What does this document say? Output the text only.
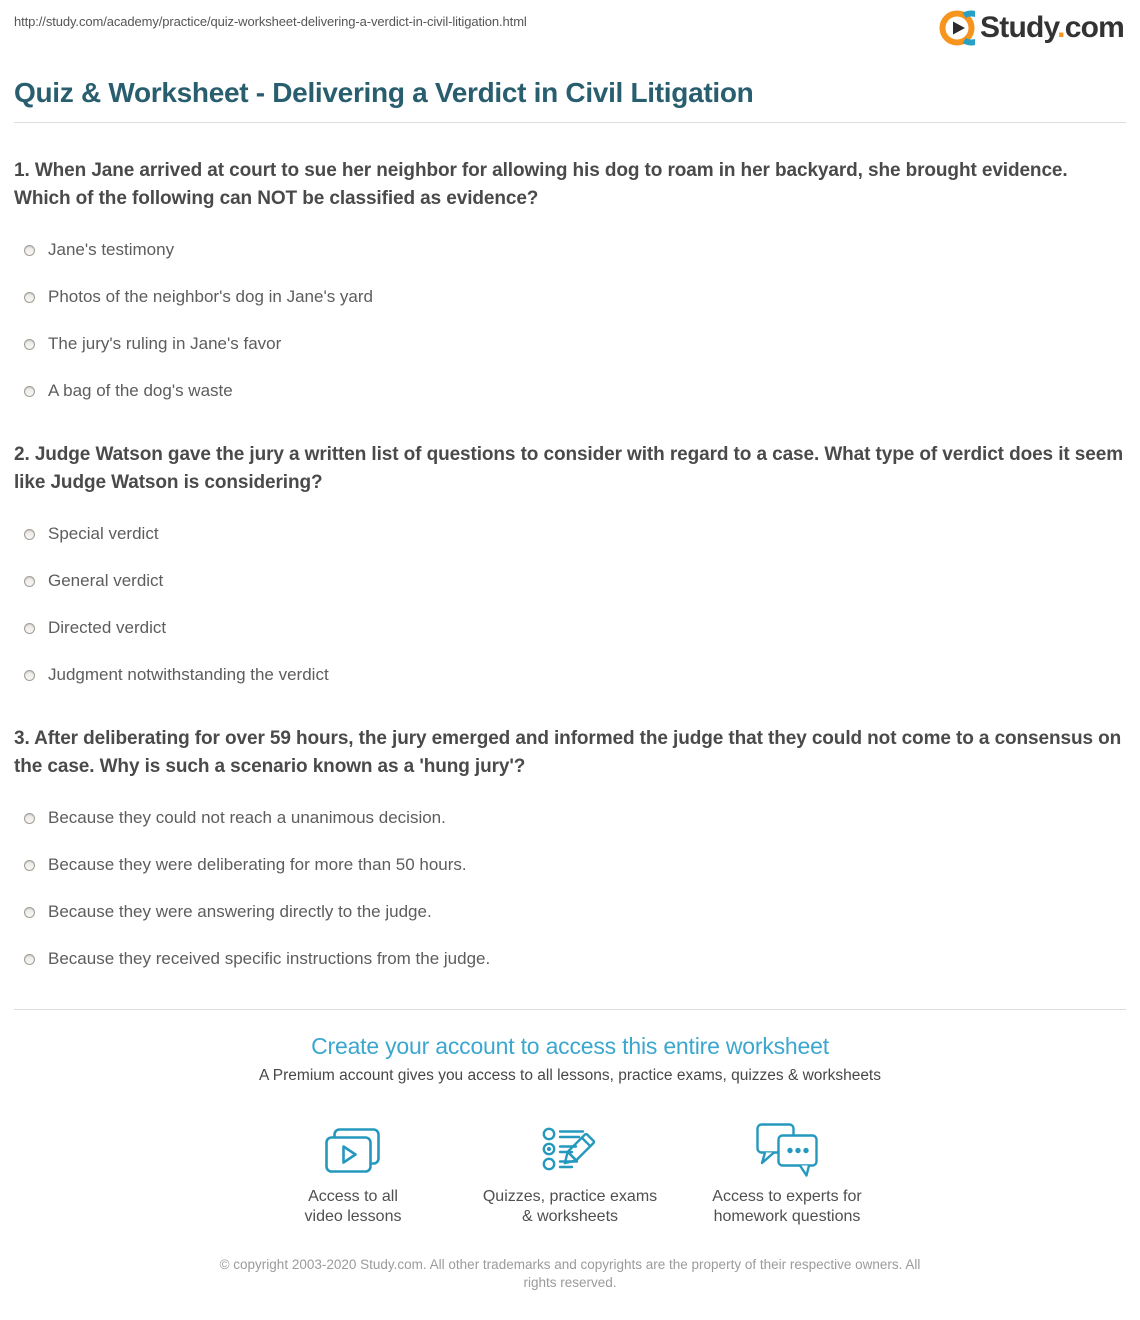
http://study.com/academy/practice/quiz-worksheet-delivering-a-verdict-in-civil-litigation.html	Study.com
Quiz & Worksheet - Delivering a Verdict in Civil Litigation

1. When Jane arrived at court to sue her neighbor for allowing his dog to roam in her backyard, she brought evidence. Which of the following can NOT be classified as evidence?

Jane's testimony
Photos of the neighbor's dog in Jane's yard
The jury's ruling in Jane's favor
A bag of the dog's waste

2. Judge Watson gave the jury a written list of questions to consider with regard to a case. What type of verdict does it seem like Judge Watson is considering?

Special verdict
General verdict
Directed verdict
Judgment notwithstanding the verdict

3. After deliberating for over 59 hours, the jury emerged and informed the judge that they could not come to a consensus on the case. Why is such a scenario known as a 'hung jury'?

Because they could not reach a unanimous decision.
Because they were deliberating for more than 50 hours.
Because they were answering directly to the judge.
Because they received specific instructions from the judge.
Create your account to access this entire worksheet

A Premium account gives you access to all lessons, practice exams, quizzes & worksheets

Access to all
video lessons
Quizzes, practice exams
& worksheets
Access to experts for
homework questions

© copyright 2003-2020 Study.com. All other trademarks and copyrights are the property of their respective owners. All rights reserved.
